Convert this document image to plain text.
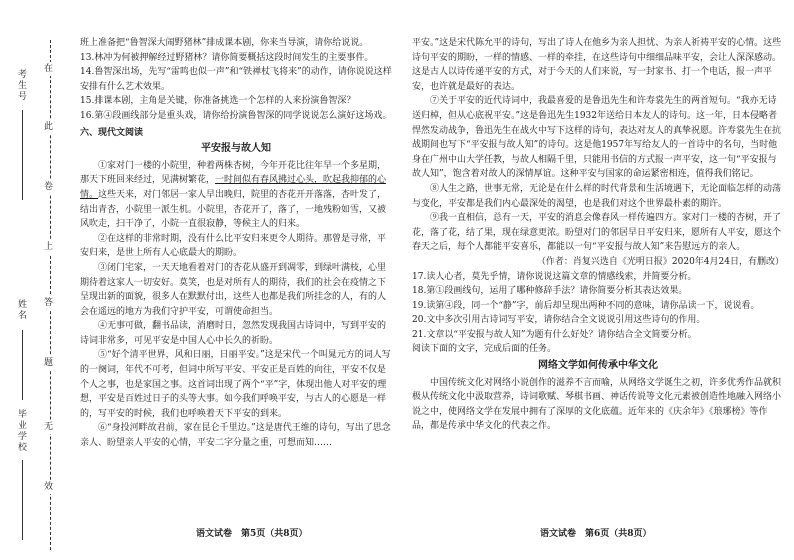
在
此
卷
上
答
题
无
效
考生号
姓名
毕业学校

班上准备把“鲁智深大闹野猪林”排成课本剧，你来当导演，请你给说说。

13.林冲为何被押解经过野猪林？请你简要概括这段时间发生的主要事件。

14.鲁智深出场，先写“雷鸣也似一声”和“铁禅杖飞将来”的动作，请你说说这样安排有什么艺术效果。

15.排课本剧，主角是关键，你准备挑选一个怎样的人来扮演鲁智深？

16.第④段画线部分是重头戏，请你给扮演鲁智深的同学说说怎么演好这场戏。

六、现代文阅读

平安报与故人知

①家对门一楼的小院里，种着两株杏树，今年开花比往年早一个多星期，那天下班回来经过，见满树繁花，一时间似有春风拂过心头，吹起我抑郁的心情。这些天来，对门邻居一家人早出晚归，院里的杏花开开落落，杏叶发了，结出青杏，小院里一派生机。小院里，杏花开了，落了，一地残粉如雪，又被风吹走，扫干净了，小院一直很寂静，等候主人的归来。

②在这样的非常时期，没有什么比平安归来更令人期待。那曾是寻常，平安归来，是世上所有人心底最大的期盼。

③闭门宅家，一天天地看着对门的杏花从盛开到凋零，到绿叶满枝，心里期待着这家人一切安好。莫笑，也是对所有人的期待，我们的社会在疫情之下呈现出新的面貌，很多人在默默付出，这些人也都是我们所挂念的人，有的人会在遥远的地方为我们守护平安，可谓使命担当。

④无事可做，翻书品读，消磨时日，忽然发现我国古诗词中，写到平安的诗词非常多，可见平安是中国人心中长久的祈盼。

⑤“好个清平世界，风和日丽，日丽平安。”这是宋代一个叫晁元方的词人写的一阕词，年代不可考，但词中所写平安、平安正是百姓的向往，平安不仅是个人之事，也是家国之事。这首词出现了两个“平”字，体现出他人对平安的理想，平安是百姓过日子的头等大事。如今我们呼唤平安，与古人的心愿是一样的，写平安的时候，我们也呼唤着天下平安的到来。

⑥“身投河畔故君前，家在昆仑千里边。”这是唐代王维的诗句，写出了思念亲人、盼望亲人平安的心情，平安二字分量之重，可想而知……

平安。”这是宋代陈允平的诗句，写出了诗人在他乡为亲人担忧、为亲人祈祷平安的心情。这些诗句平安的期盼，一样的情感、一样的牵挂，在这些诗句中细细品味平安，会让人深深感动。这是古人以诗传递平安的方式，对于今天的人们来说，写一封家书、打一个电话，报一声平安，也许就是最好的表达。

⑦关于平安的近代诗词中，我最喜爱的是鲁迅先生和许寿裳先生的两首短句。“我亦无诗送归棹，但从心底祝平安。”这是鲁迅先生1932年送给日本友人的诗句。这一年，日本侵略者悍然发动战争，鲁迅先生在战火中写下这样的诗句，表达对友人的真挚祝愿。许寿裳先生在抗战期间也写下“平安报与故人知”的诗句。这是他1957年写给友人的一首诗中的名句，当时他身在广州中山大学任教，与故人相隔千里，只能用书信的方式报一声平安，这一句“平安报与故人知”，饱含着对故人的深情厚谊。这种平安与国家的命运紧密相连，值得我们铭记。

⑧人生之路，世事无常，无论是在什么样的时代背景和生活境遇下，无论面临怎样的动荡与变化，平安都是我们内心最深处的渴望，也是我们对这个世界最朴素的期许。

⑨我一直相信，总有一天，平安的消息会像春风一样传遍四方。家对门一楼的杏树，开了花，落了花，结了果，现在绿意更浓。盼望对门的邻居早日平安归来，愿所有人平安，愿这个春天之后，每个人都能平安喜乐，都能以一句“平安报与故人知”来告慰远方的亲人。

（作者：肖复兴选自《光明日报》2020年4月24日，有删改）

17.读人心者，莫先乎情，请你说说这篇文章的情感线索，并简要分析。

18.第①段画线句，运用了哪种修辞手法？请你简要分析其表达效果。

19.读第④段，同一个“静”字，前后却呈现出两种不同的意味，请你品读一下，说说看。

20.文中多次引用古诗词写平安，请你结合全文说说引用这些诗句的作用。

21.文章以“平安报与故人知”为题有什么好处？请你结合全文简要分析。

阅读下面的文字，完成后面的任务。

网络文学如何传承中华文化

中国传统文化对网络小说创作的滋养不言而喻，从网络文学诞生之初，许多优秀作品就积极从传统文化中汲取营养，诗词歌赋、琴棋书画、神话传说等文化元素被创造性地融入网络小说之中，使网络文学在发展中拥有了深厚的文化底蕴。近年来的《庆余年》《琅琊榜》等作品，都是传承中华文化的代表之作。

语文试卷　第5页（共8页）	语文试卷　第6页（共8页）
